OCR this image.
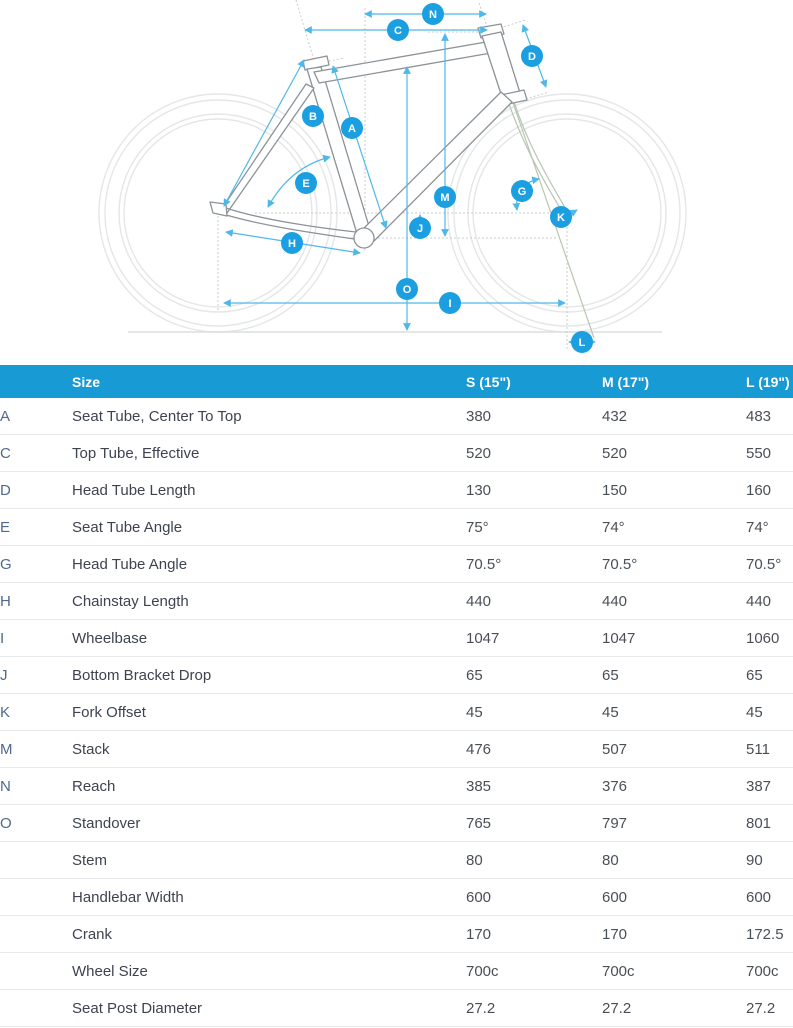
N
C
D
B
A
E
G
M
K
J
H
O
I
L
	Size	S (15")	M (17")	L (19")
A	Seat Tube, Center To Top	380	432	483
C	Top Tube, Effective	520	520	550
D	Head Tube Length	130	150	160
E	Seat Tube Angle	75°	74°	74°
G	Head Tube Angle	70.5°	70.5°	70.5°
H	Chainstay Length	440	440	440
I	Wheelbase	1047	1047	1060
J	Bottom Bracket Drop	65	65	65
K	Fork Offset	45	45	45
M	Stack	476	507	511
N	Reach	385	376	387
O	Standover	765	797	801
	Stem	80	80	90
	Handlebar Width	600	600	600
	Crank	170	170	172.5
	Wheel Size	700c	700c	700c
	Seat Post Diameter	27.2	27.2	27.2
